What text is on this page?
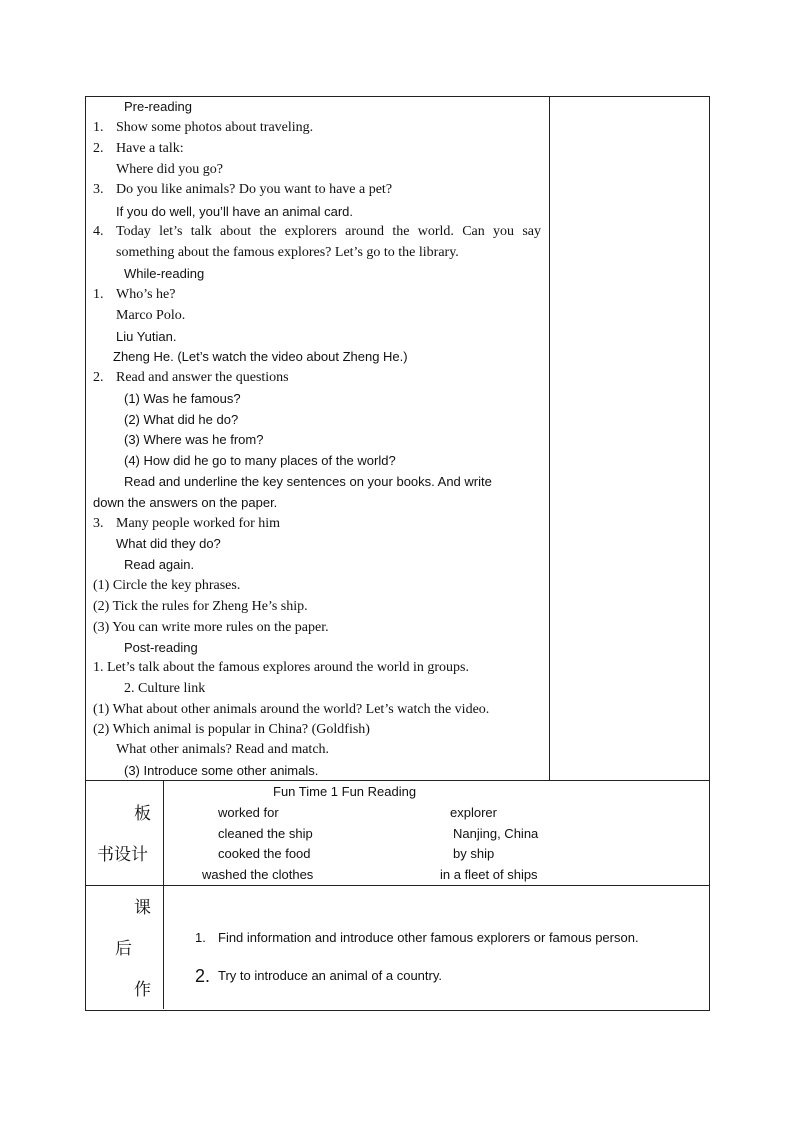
Pre-reading
1. Show some photos about traveling.
2. Have a talk:
Where did you go?
3. Do you like animals? Do you want to have a pet?
If you do well, you’ll have an animal card.
4. Today let’s talk about the explorers around the world. Can you say
something about the famous explores? Let’s go to the library.
While-reading
1. Who’s he?
Marco Polo.
Liu Yutian.
Zheng He. (Let’s watch the video about Zheng He.)
2. Read and answer the questions
(1) Was he famous?
(2) What did he do?
(3) Where was he from?
(4) How did he go to many places of the world?
Read and underline the key sentences on your books. And write
down the answers on the paper.
3. Many people worked for him
What did they do?
Read again.
(1) Circle the key phrases.
(2) Tick the rules for Zheng He’s ship.
(3) You can write more rules on the paper.
Post-reading
1. Let’s talk about the famous explores around the world in groups.
2. Culture link
(1) What about other animals around the world? Let’s watch the video.
(2) Which animal is popular in China? (Goldfish)
What other animals? Read and match.
(3) Introduce some other animals.
板
书设计
Fun Time 1 Fun Reading
worked for
cleaned the ship
cooked the food
washed the clothes
explorer
Nanjing, China
by ship
in a fleet of ships
课
后
作
1. Find information and introduce other famous explorers or famous person.
2. Try to introduce an animal of a country.
